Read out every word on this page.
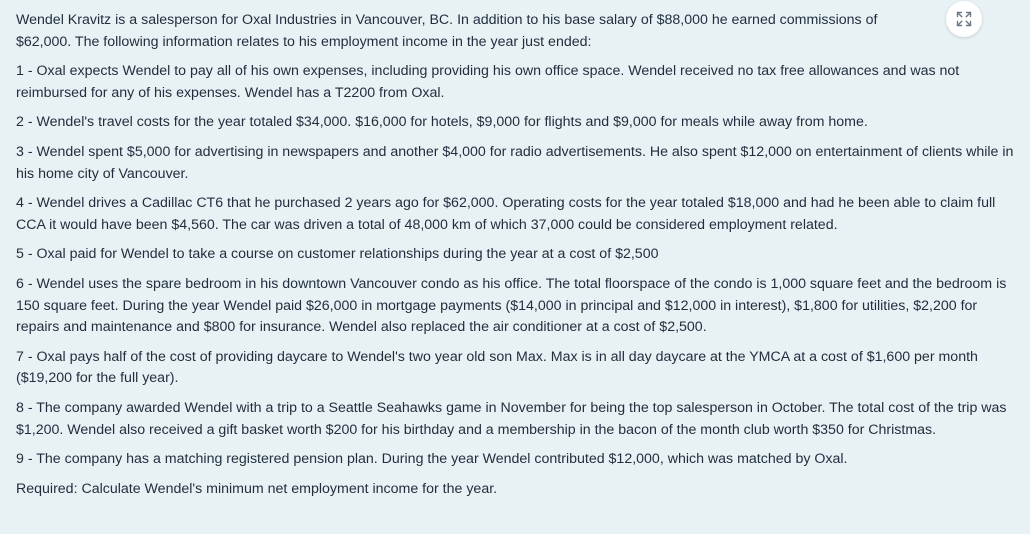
Wendel Kravitz is a salesperson for Oxal Industries in Vancouver, BC. In addition to his base salary of $88,000 he earned commissions of $62,000. The following information relates to his employment income in the year just ended:

1 - Oxal expects Wendel to pay all of his own expenses, including providing his own office space. Wendel received no tax free allowances and was not reimbursed for any of his expenses. Wendel has a T2200 from Oxal.

2 - Wendel's travel costs for the year totaled $34,000. $16,000 for hotels, $9,000 for flights and $9,000 for meals while away from home.

3 - Wendel spent $5,000 for advertising in newspapers and another $4,000 for radio advertisements. He also spent $12,000 on entertainment of clients while in his home city of Vancouver.

4 - Wendel drives a Cadillac CT6 that he purchased 2 years ago for $62,000. Operating costs for the year totaled $18,000 and had he been able to claim full CCA it would have been $4,560. The car was driven a total of 48,000 km of which 37,000 could be considered employment related.

5 - Oxal paid for Wendel to take a course on customer relationships during the year at a cost of $2,500

6 - Wendel uses the spare bedroom in his downtown Vancouver condo as his office. The total floorspace of the condo is 1,000 square feet and the bedroom is 150 square feet. During the year Wendel paid $26,000 in mortgage payments ($14,000 in principal and $12,000 in interest), $1,800 for utilities, $2,200 for repairs and maintenance and $800 for insurance. Wendel also replaced the air conditioner at a cost of $2,500.

7 - Oxal pays half of the cost of providing daycare to Wendel's two year old son Max. Max is in all day daycare at the YMCA at a cost of $1,600 per month ($19,200 for the full year).

8 - The company awarded Wendel with a trip to a Seattle Seahawks game in November for being the top salesperson in October. The total cost of the trip was $1,200. Wendel also received a gift basket worth $200 for his birthday and a membership in the bacon of the month club worth $350 for Christmas.

9 - The company has a matching registered pension plan. During the year Wendel contributed $12,000, which was matched by Oxal.

Required: Calculate Wendel's minimum net employment income for the year.
